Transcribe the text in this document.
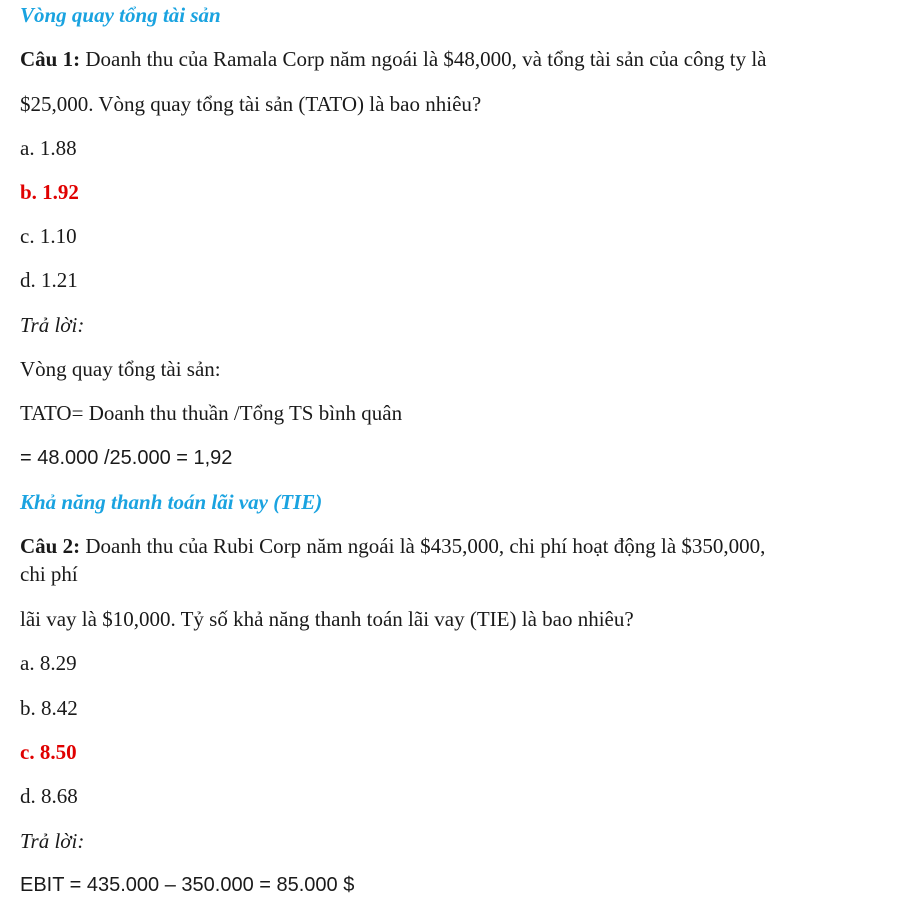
Vòng quay tổng tài sản
Câu 1: Doanh thu của Ramala Corp năm ngoái là $48,000, và tổng tài sản của công ty là
$25,000. Vòng quay tổng tài sản (TATO) là bao nhiêu?
a. 1.88
b. 1.92
c. 1.10
d. 1.21
Trả lời:
Vòng quay tổng tài sản:
TATO= Doanh thu thuần /Tổng TS bình quân
= 48.000 /25.000 = 1,92
Khả năng thanh toán lãi vay (TIE)
Câu 2: Doanh thu của Rubi Corp năm ngoái là $435,000, chi phí hoạt động là $350,000,
chi phí
lãi vay là $10,000. Tỷ số khả năng thanh toán lãi vay (TIE) là bao nhiêu?
a. 8.29
b. 8.42
c. 8.50
d. 8.68
Trả lời:
EBIT = 435.000 – 350.000 = 85.000 $
